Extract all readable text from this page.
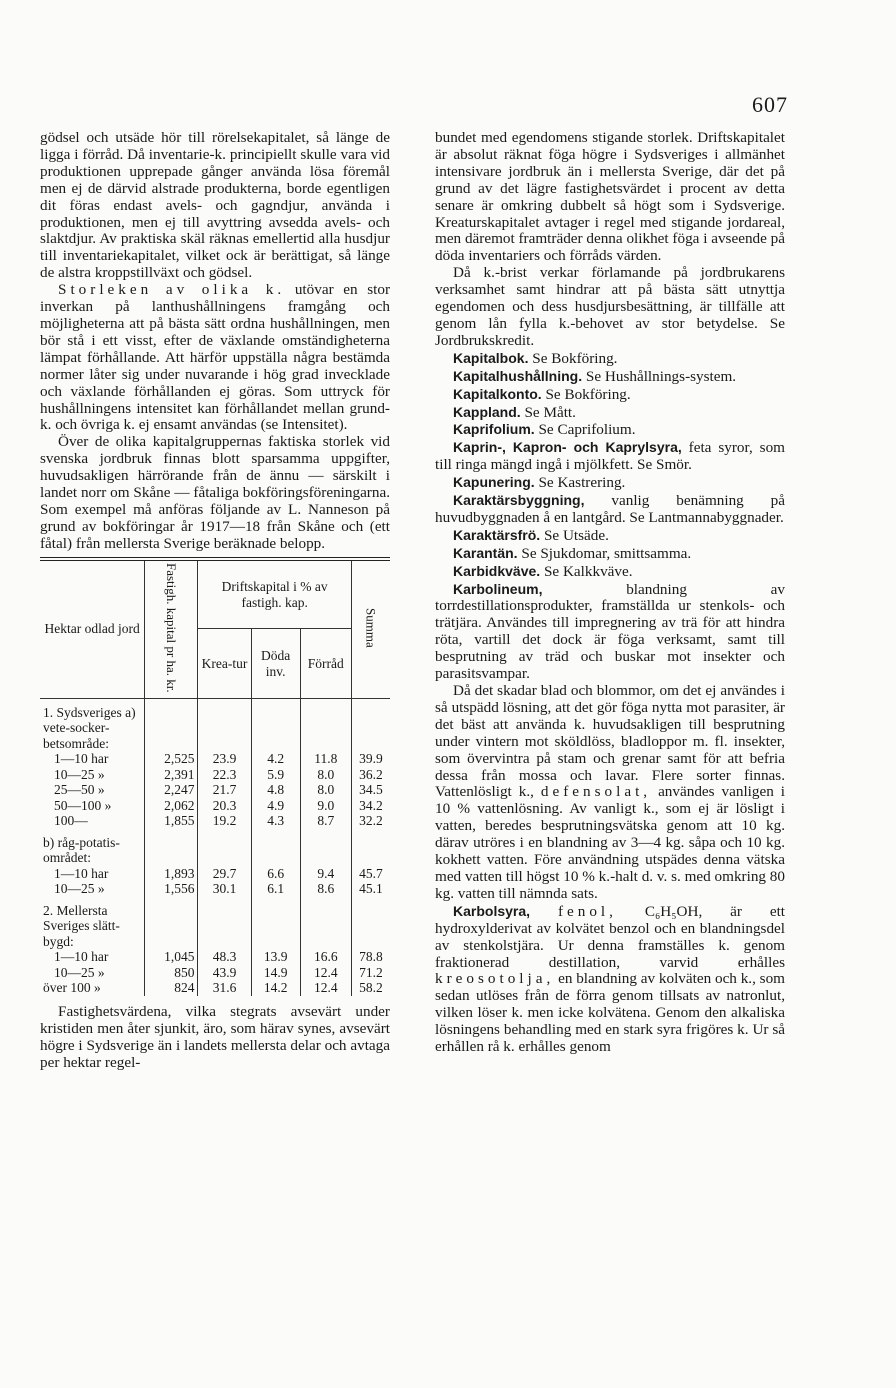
607

gödsel och utsäde hör till rörelsekapitalet, så länge de ligga i förråd. Då inventarie-k. principiellt skulle vara vid produktionen upprepade gånger använda lösa föremål men ej de därvid alstrade produkterna, borde egentligen dit föras endast avels- och gagndjur, använda i produktionen, men ej till avyttring avsedda avels- och slaktdjur. Av praktiska skäl räknas emellertid alla husdjur till inventariekapitalet, vilket ock är berättigat, så länge de alstra kroppstillväxt och gödsel.

Storleken av olika k. utövar en stor inverkan på lanthushållningens framgång och möjligheterna att på bästa sätt ordna hushållningen, men bör stå i ett visst, efter de växlande omständigheterna lämpat förhållande. Att härför uppställa några bestämda normer låter sig under nuvarande i hög grad invecklade och växlande förhållanden ej göras. Som uttryck för hushållningens intensitet kan förhållandet mellan grund-k. och övriga k. ej ensamt användas (se Intensitet).

Över de olika kapitalgruppernas faktiska storlek vid svenska jordbruk finnas blott sparsamma uppgifter, huvudsakligen härrörande från de ännu — särskilt i landet norr om Skåne — fåtaliga bokföringsföreningarna. Som exempel må anföras följande av L. Nanneson på grund av bokföringar år 1917—18 från Skåne och (ett fåtal) från mellersta Sverige beräknade belopp.

Hektar odlad jord	Fastigh. kapital pr ha. kr.	Driftskapital i % av fastigh. kap.			Summa
		Krea-tur	Döda inv.	Förråd	
1. Sydsveriges a) vete-socker-betsområde:					
1—10 har	2,525	23.9	4.2	11.8	39.9
10—25 »	2,391	22.3	5.9	8.0	36.2
25—50 »	2,247	21.7	4.8	8.0	34.5
50—100 »	2,062	20.3	4.9	9.0	34.2
100—	1,855	19.2	4.3	8.7	32.2
b) råg-potatis-området:					
1—10 har	1,893	29.7	6.6	9.4	45.7
10—25 »	1,556	30.1	6.1	8.6	45.1
2. Mellersta Sveriges slätt-bygd:					
1—10 har	1,045	48.3	13.9	16.6	78.8
10—25 »	850	43.9	14.9	12.4	71.2
över 100 »	824	31.6	14.2	12.4	58.2

Fastighetsvärdena, vilka stegrats avsevärt under kristiden men åter sjunkit, äro, som härav synes, avsevärt högre i Sydsverige än i landets mellersta delar och avtaga per hektar regel-

bundet med egendomens stigande storlek. Driftskapitalet är absolut räknat föga högre i Sydsveriges i allmänhet intensivare jordbruk än i mellersta Sverige, där det på grund av det lägre fastighetsvärdet i procent av detta senare är omkring dubbelt så högt som i Sydsverige. Kreaturskapitalet avtager i regel med stigande jordareal, men däremot framträder denna olikhet föga i avseende på döda inventariers och förråds värden.

Då k.-brist verkar förlamande på jordbrukarens verksamhet samt hindrar att på bästa sätt utnyttja egendomen och dess husdjursbesättning, är tillfälle att genom lån fylla k.-behovet av stor betydelse. Se Jordbrukskredit.

Kapitalbok. Se Bokföring.

Kapitalhushållning. Se Hushållnings-system.

Kapitalkonto. Se Bokföring.

Kappland. Se Mått.

Kaprifolium. Se Caprifolium.

Kaprin-, Kapron- och Kaprylsyra, feta syror, som till ringa mängd ingå i mjölkfett. Se Smör.

Kapunering. Se Kastrering.

Karaktärsbyggning, vanlig benämning på huvudbyggnaden å en lantgård. Se Lantmannabyggnader.

Karaktärsfrö. Se Utsäde.

Karantän. Se Sjukdomar, smittsamma.

Karbidkväve. Se Kalkkväve.

Karbolineum, blandning av torrdestillationsprodukter, framställda ur stenkols- och trätjära. Användes till impregnering av trä för att hindra röta, vartill det dock är föga verksamt, samt till besprutning av träd och buskar mot insekter och parasitsvampar.

Då det skadar blad och blommor, om det ej användes i så utspädd lösning, att det gör föga nytta mot parasiter, är det bäst att använda k. huvudsakligen till besprutning under vintern mot sköldlöss, bladloppor m. fl. insekter, som övervintra på stam och grenar samt för att befria dessa från mossa och lavar. Flere sorter finnas. Vattenlösligt k., defensolat, användes vanligen i 10 % vattenlösning. Av vanligt k., som ej är lösligt i vatten, beredes besprutningsvätska genom att 10 kg. därav utröres i en blandning av 3—4 kg. såpa och 10 kg. kokhett vatten. Före användning utspädes denna vätska med vatten till högst 10 % k.-halt d. v. s. med omkring 80 kg. vatten till nämnda sats.

Karbolsyra, fenol, C₆H₅OH, är ett hydroxylderivat av kolvätet benzol och en blandningsdel av stenkolstjära. Ur denna framställes k. genom fraktionerad destillation, varvid erhålles kreosotolja, en blandning av kolväten och k., som sedan utlöses från de förra genom tillsats av natronlut, vilken löser k. men icke kolvätena. Genom den alkaliska lösningens behandling med en stark syra frigöres k. Ur så erhållen rå k. erhålles genom
